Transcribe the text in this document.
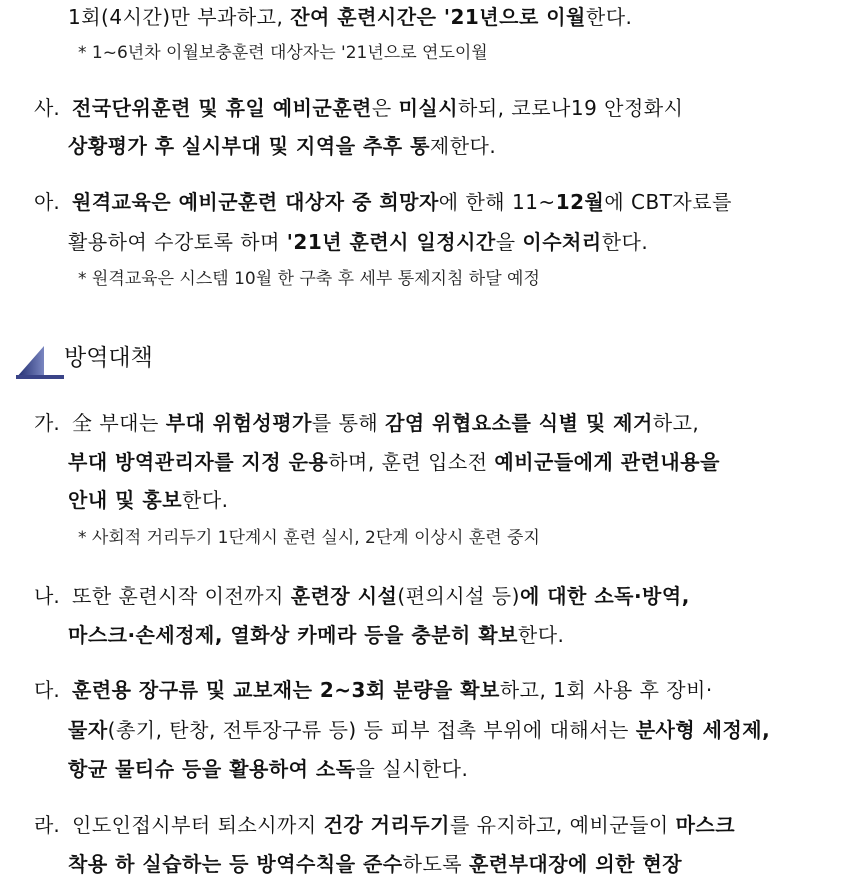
1회(4시간)만 부과하고, 잔여 훈련시간은 '21년으로 이월한다.
* 1~6년차 이월보충훈련 대상자는 '21년으로 연도이월
사. 전국단위훈련 및 휴일 예비군훈련은 미실시하되, 코로나19 안정화시
상황평가 후 실시부대 및 지역을 추후 통제한다.
아. 원격교육은 예비군훈련 대상자 중 희망자에 한해 11~12월에 CBT자료를
활용하여 수강토록 하며 '21년 훈련시 일정시간을 이수처리한다.
* 원격교육은 시스템 10월 한 구축 후 세부 통제지침 하달 예정
방역대책
가. 全 부대는 부대 위험성평가를 통해 감염 위협요소를 식별 및 제거하고,
부대 방역관리자를 지정 운용하며, 훈련 입소전 예비군들에게 관련내용을
안내 및 홍보한다.
* 사회적 거리두기 1단계시 훈련 실시, 2단계 이상시 훈련 중지
나. 또한 훈련시작 이전까지 훈련장 시설(편의시설 등)에 대한 소독·방역,
마스크·손세정제, 열화상 카메라 등을 충분히 확보한다.
다. 훈련용 장구류 및 교보재는 2~3회 분량을 확보하고, 1회 사용 후 장비·
물자(총기, 탄창, 전투장구류 등) 등 피부 접촉 부위에 대해서는 분사형 세정제,
항균 물티슈 등을 활용하여 소독을 실시한다.
라. 인도인접시부터 퇴소시까지 건강 거리두기를 유지하고, 예비군들이 마스크
착용 하 실습하는 등 방역수칙을 준수하도록 훈련부대장에 의한 현장
